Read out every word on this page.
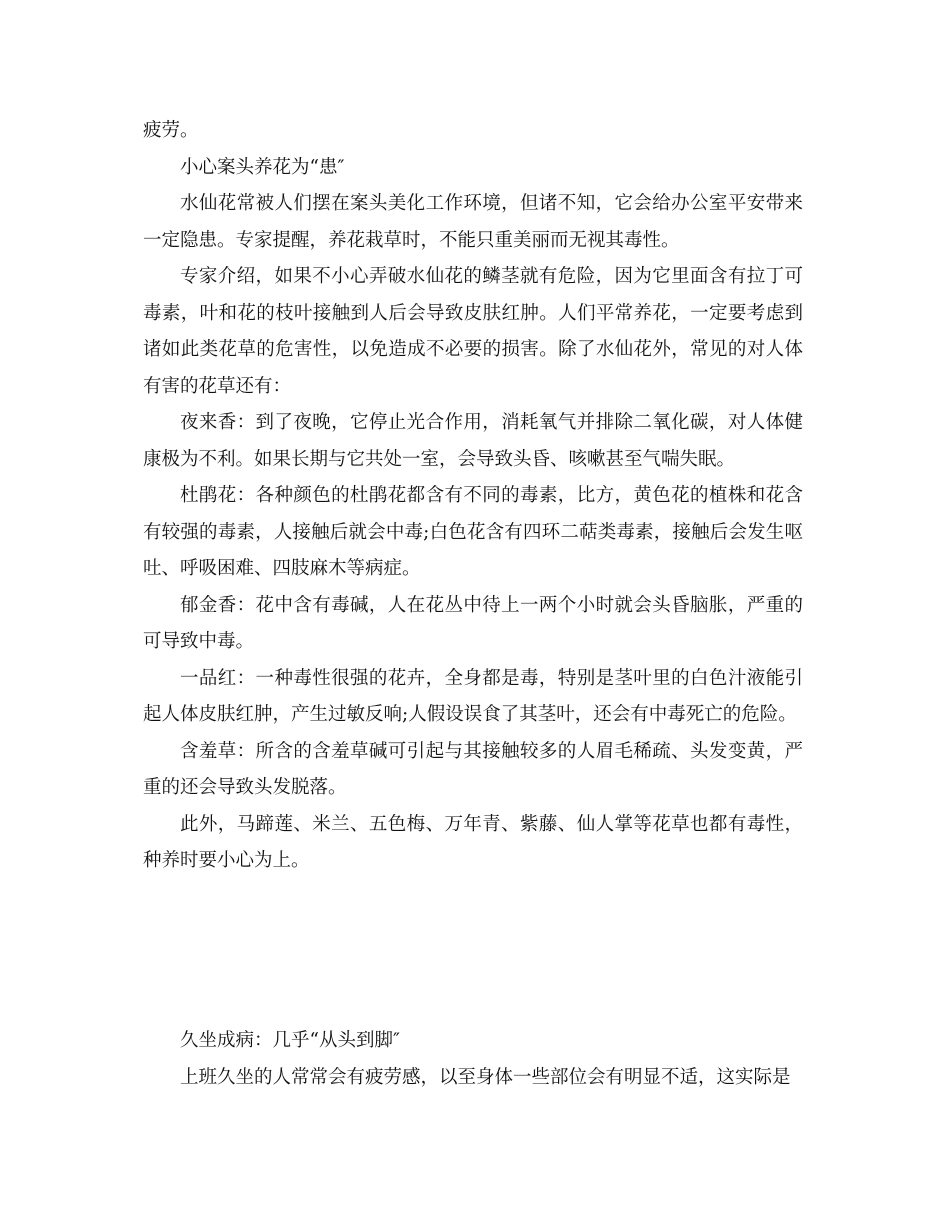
疲劳。

小心案头养花为“患″

水仙花常被人们摆在案头美化工作环境，但诸不知，它会给办公室平安带来一定隐患。专家提醒，养花栽草时，不能只重美丽而无视其毒性。

专家介绍，如果不小心弄破水仙花的鳞茎就有危险，因为它里面含有拉丁可毒素，叶和花的枝叶接触到人后会导致皮肤红肿。人们平常养花，一定要考虑到诸如此类花草的危害性，以免造成不必要的损害。除了水仙花外，常见的对人体有害的花草还有：

夜来香：到了夜晚，它停止光合作用，消耗氧气并排除二氧化碳，对人体健康极为不利。如果长期与它共处一室，会导致头昏、咳嗽甚至气喘失眠。

杜鹃花：各种颜色的杜鹃花都含有不同的毒素，比方，黄色花的植株和花含有较强的毒素，人接触后就会中毒;白色花含有四环二萜类毒素，接触后会发生呕吐、呼吸困难、四肢麻木等病症。

郁金香：花中含有毒碱，人在花丛中待上一两个小时就会头昏脑胀，严重的可导致中毒。

一品红：一种毒性很强的花卉，全身都是毒，特别是茎叶里的白色汁液能引起人体皮肤红肿，产生过敏反响;人假设误食了其茎叶，还会有中毒死亡的危险。

含羞草：所含的含羞草碱可引起与其接触较多的人眉毛稀疏、头发变黄，严重的还会导致头发脱落。

此外，马蹄莲、米兰、五色梅、万年青、紫藤、仙人掌等花草也都有毒性，种养时要小心为上。

久坐成病：几乎“从头到脚″

上班久坐的人常常会有疲劳感，以至身体一些部位会有明显不适，这实际是
